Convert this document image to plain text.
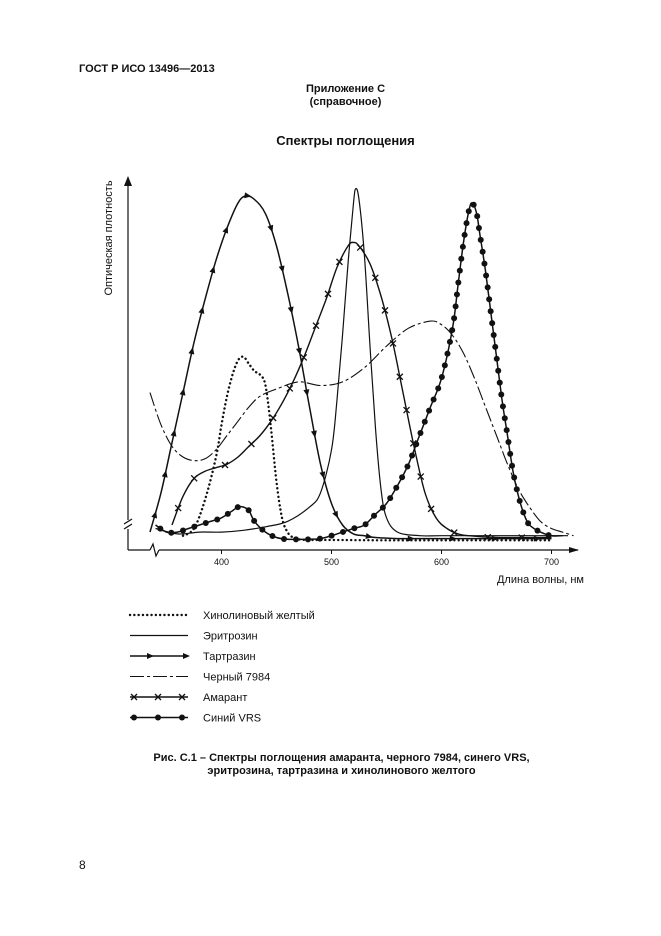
ГОСТ Р ИСО 13496—2013
Приложение С
(справочное)
Спектры поглощения
400	500	600	700
Длина волны, нм
Оптическая плотность
Хинолиновый желтый
Эритрозин
Тартразин
Черный 7984
Амарант
Синий VRS
Рис. С.1 – Спектры поглощения амаранта, черного 7984, синего VRS,
эритрозина, тартразина и хинолинового желтого
8
